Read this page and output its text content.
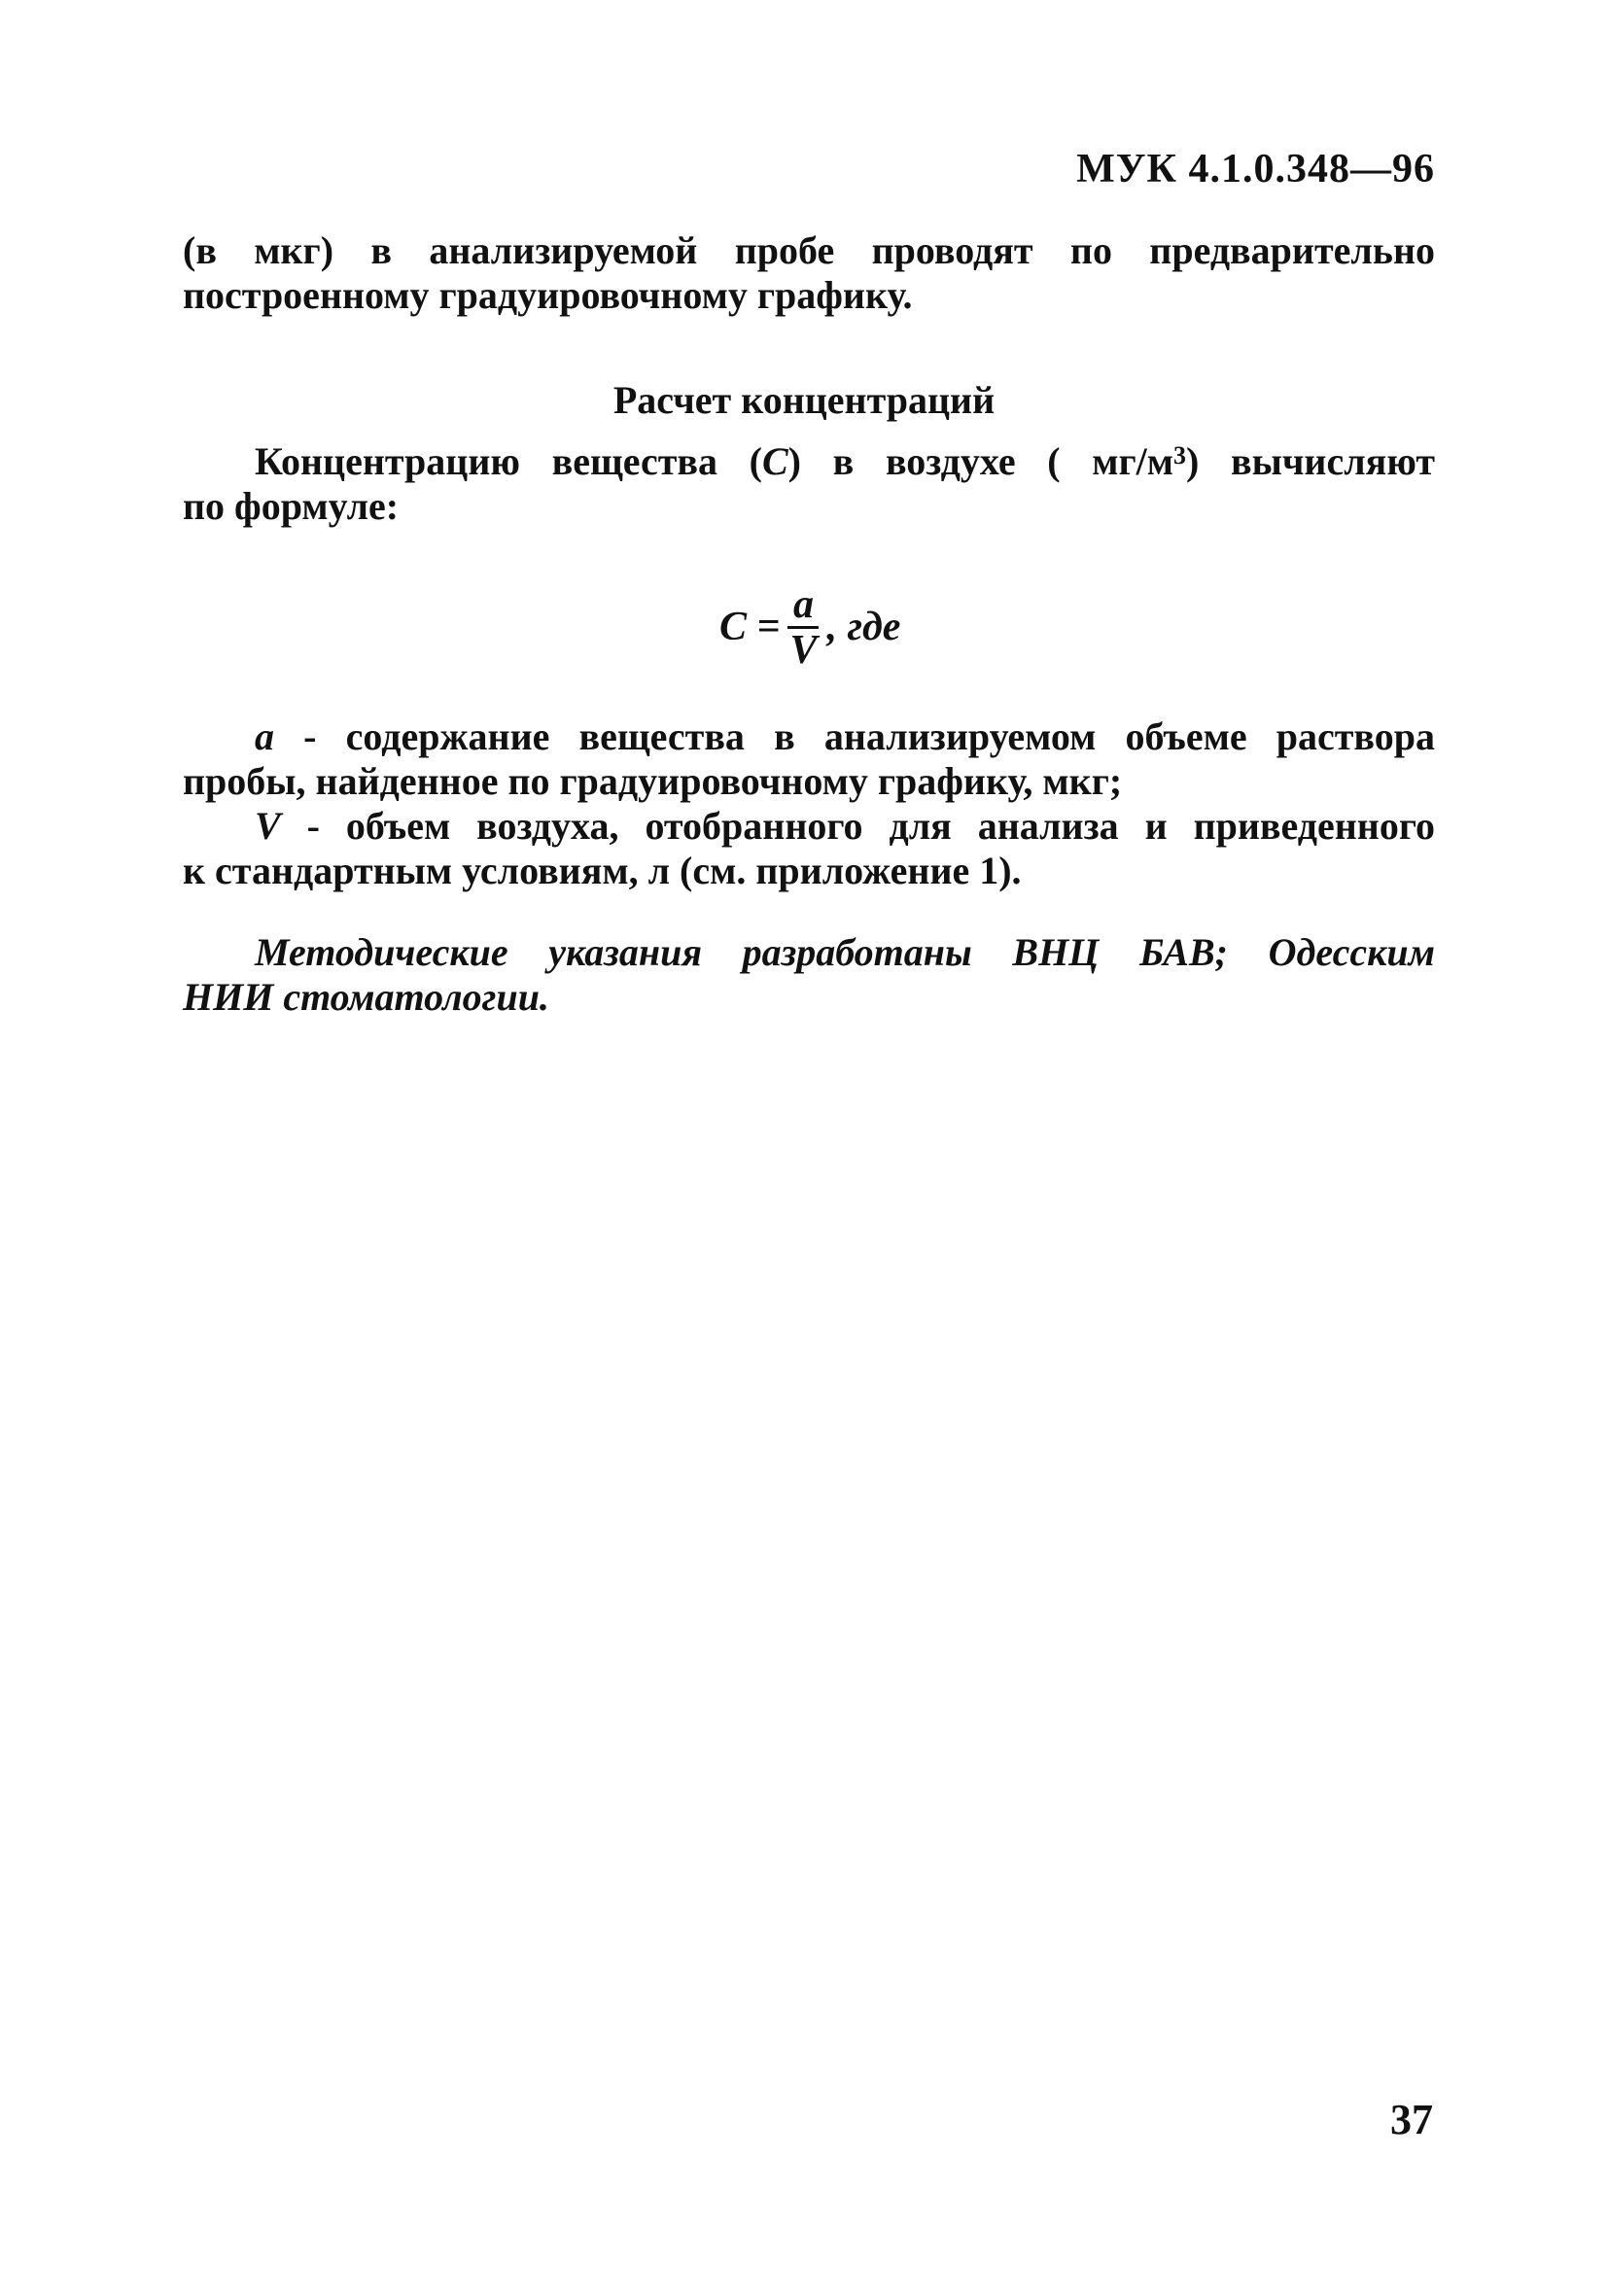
МУК 4.1.0.348—96
(в мкг) в анализируемой пробе проводят по предварительно
построенному градуировочному графику.
Расчет концентраций
Концентрацию вещества (С) в воздухе ( $мг/м^3$) вычисляют
по формуле:
$С = \frac{a}{V}$ , где
a - содержание вещества в анализируемом объеме раствора
пробы, найденное по градуировочному графику, мкг;
V - объем воздуха, отобранного для анализа и приведенного
к стандартным условиям, л (см. приложение 1).
Методические указания разработаны ВНЦ БАВ; Одесским
НИИ стоматологии.
37
